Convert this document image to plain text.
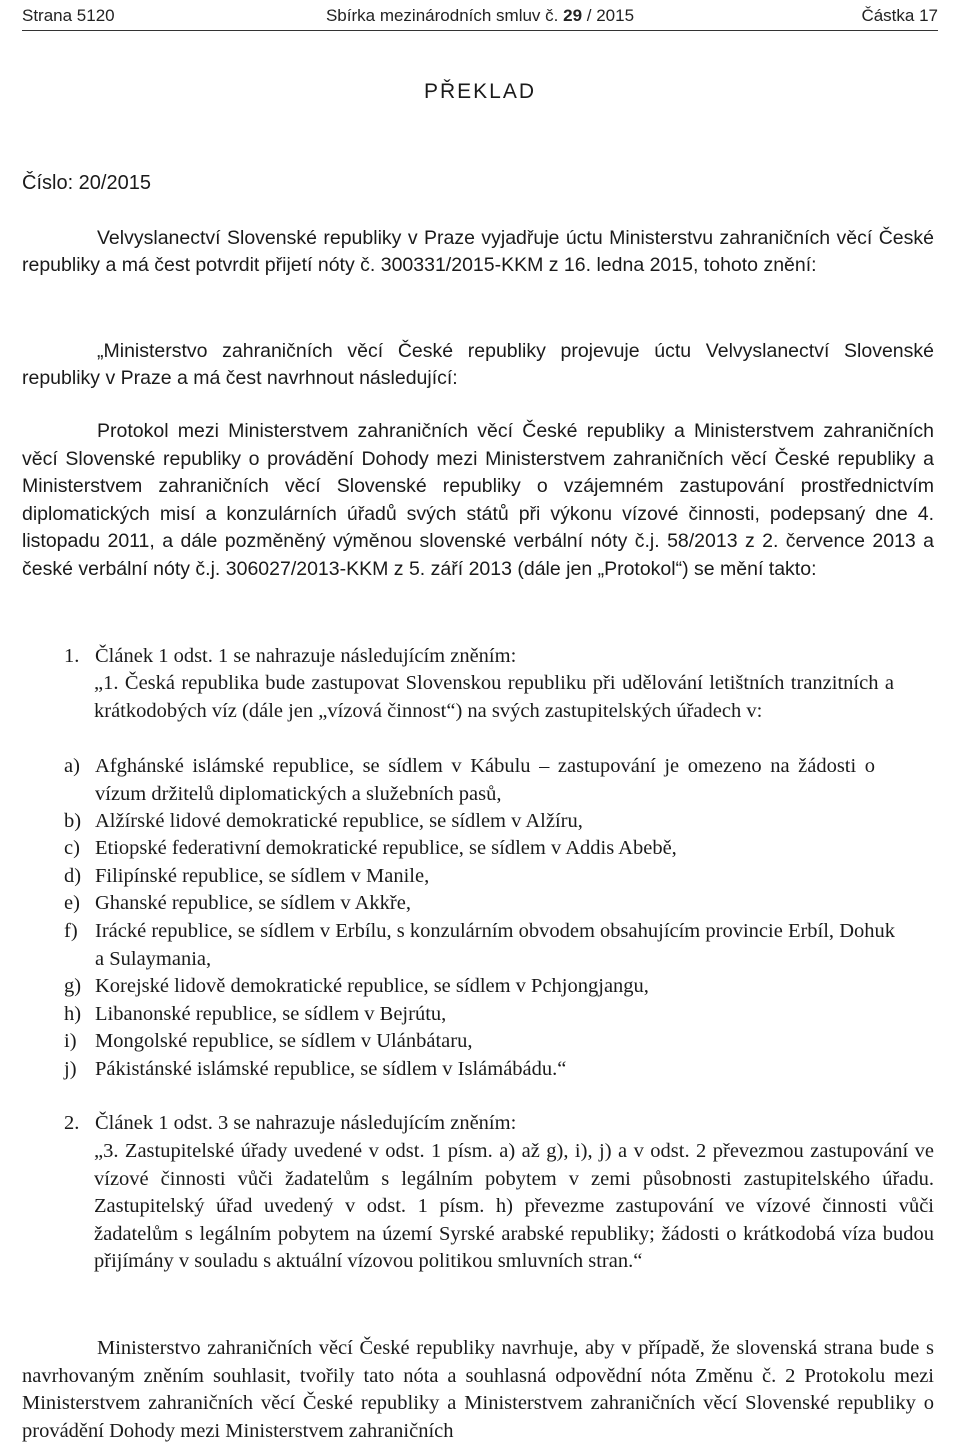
Strana 5120	Sbírka mezinárodních smluv č. 29 / 2015	Částka 17
PŘEKLAD
Číslo: 20/2015
Velvyslanectví Slovenské republiky v Praze vyjadřuje úctu Ministerstvu zahraničních věcí České republiky a má čest potvrdit přijetí nóty č. 300331/2015-KKM z 16. ledna 2015, tohoto znění:
„Ministerstvo zahraničních věcí České republiky projevuje úctu Velvyslanectví Slovenské republiky v Praze a má čest navrhnout následující:
Protokol mezi Ministerstvem zahraničních věcí České republiky a Ministerstvem zahraničních věcí Slovenské republiky o provádění Dohody mezi Ministerstvem zahraničních věcí České republiky a Ministerstvem zahraničních věcí Slovenské republiky o vzájemném zastupování prostřednictvím diplomatických misí a konzulárních úřadů svých států při výkonu vízové činnosti, podepsaný dne 4. listopadu 2011, a dále pozměněný výměnou slovenské verbální nóty č.j. 58/2013 z 2. července 2013 a české verbální nóty č.j. 306027/2013-KKM z 5. září 2013 (dále jen „Protokol“) se mění takto:
1. Článek 1 odst. 1 se nahrazuje následujícím zněním:
„1. Česká republika bude zastupovat Slovenskou republiku při udělování letištních tranzitních a krátkodobých víz (dále jen „vízová činnost“) na svých zastupitelských úřadech v:
a) Afghánské islámské republice, se sídlem v Kábulu – zastupování je omezeno na žádosti o vízum držitelů diplomatických a služebních pasů,
b) Alžírské lidové demokratické republice, se sídlem v Alžíru,
c) Etiopské federativní demokratické republice, se sídlem v Addis Abebě,
d) Filipínské republice, se sídlem v Manile,
e) Ghanské republice, se sídlem v Akkře,
f) Irácké republice, se sídlem v Erbílu, s konzulárním obvodem obsahujícím provincie Erbíl, Dohuk a Sulaymania,
g) Korejské lidově demokratické republice, se sídlem v Pchjongjangu,
h) Libanonské republice, se sídlem v Bejrútu,
i) Mongolské republice, se sídlem v Ulánbátaru,
j) Pákistánské islámské republice, se sídlem v Islámábádu.“
2. Článek 1 odst. 3 se nahrazuje následujícím zněním:
„3. Zastupitelské úřady uvedené v odst. 1 písm. a) až g), i), j) a v odst. 2 převezmou zastupování ve vízové činnosti vůči žadatelům s legálním pobytem v zemi působnosti zastupitelského úřadu. Zastupitelský úřad uvedený v odst. 1 písm. h) převezme zastupování ve vízové činnosti vůči žadatelům s legálním pobytem na území Syrské arabské republiky; žádosti o krátkodobá víza budou přijímány v souladu s aktuální vízovou politikou smluvních stran.“
Ministerstvo zahraničních věcí České republiky navrhuje, aby v případě, že slovenská strana bude s navrhovaným zněním souhlasit, tvořily tato nóta a souhlasná odpovědní nóta Změnu č. 2 Protokolu mezi Ministerstvem zahraničních věcí České republiky a Ministerstvem zahraničních věcí Slovenské republiky o provádění Dohody mezi Ministerstvem zahraničních
